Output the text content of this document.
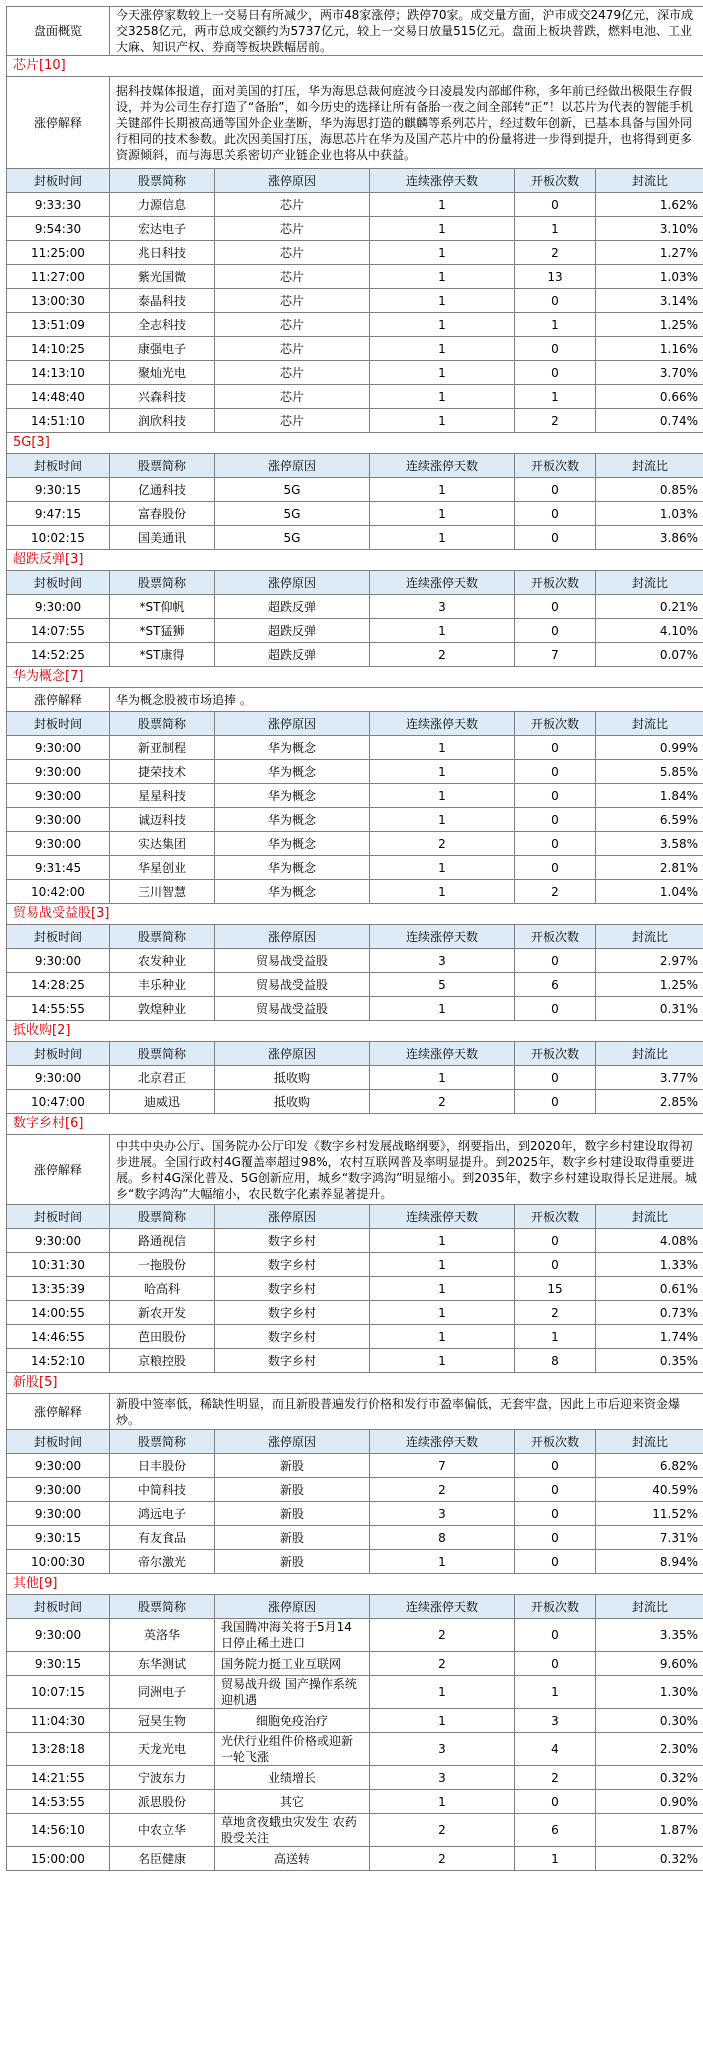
盘面概览	今天涨停家数较上一交易日有所减少，两市48家涨停；跌停70家。成交量方面，沪市成交2479亿元，深市成交3258亿元，两市总成交额约为5737亿元，较上一交易日放量515亿元。盘面上板块普跌，燃料电池、工业大麻、知识产权、券商等板块跌幅居前。				
芯片[10]					
涨停解释	据科技媒体报道，面对美国的打压，华为海思总裁何庭波今日凌晨发内部邮件称，多年前已经做出极限生存假设，并为公司生存打造了“备胎”，如今历史的选择让所有备胎一夜之间全部转“正”！以芯片为代表的智能手机关键部件长期被高通等国外企业垄断，华为海思打造的麒麟等系列芯片，经过数年创新，已基本具备与国外同行相同的技术参数。此次因美国打压，海思芯片在华为及国产芯片中的份量将进一步得到提升，也将得到更多资源倾斜，而与海思关系密切产业链企业也将从中获益。				
封板时间	股票简称	涨停原因	连续涨停天数	开板次数	封流比
9:33:30	力源信息	芯片	1	0	1.62%
9:54:30	宏达电子	芯片	1	1	3.10%
11:25:00	兆日科技	芯片	1	2	1.27%
11:27:00	紫光国微	芯片	1	13	1.03%
13:00:30	泰晶科技	芯片	1	0	3.14%
13:51:09	全志科技	芯片	1	1	1.25%
14:10:25	康强电子	芯片	1	0	1.16%
14:13:10	聚灿光电	芯片	1	0	3.70%
14:48:40	兴森科技	芯片	1	1	0.66%
14:51:10	润欣科技	芯片	1	2	0.74%
5G[3]					
封板时间	股票简称	涨停原因	连续涨停天数	开板次数	封流比
9:30:15	亿通科技	5G	1	0	0.85%
9:47:15	富春股份	5G	1	0	1.03%
10:02:15	国美通讯	5G	1	0	3.86%
超跌反弹[3]					
封板时间	股票简称	涨停原因	连续涨停天数	开板次数	封流比
9:30:00	*ST仰帆	超跌反弹	3	0	0.21%
14:07:55	*ST猛狮	超跌反弹	1	0	4.10%
14:52:25	*ST康得	超跌反弹	2	7	0.07%
华为概念[7]					
涨停解释	华为概念股被市场追捧 。				
封板时间	股票简称	涨停原因	连续涨停天数	开板次数	封流比
9:30:00	新亚制程	华为概念	1	0	0.99%
9:30:00	捷荣技术	华为概念	1	0	5.85%
9:30:00	星星科技	华为概念	1	0	1.84%
9:30:00	诚迈科技	华为概念	1	0	6.59%
9:30:00	实达集团	华为概念	2	0	3.58%
9:31:45	华星创业	华为概念	1	0	2.81%
10:42:00	三川智慧	华为概念	1	2	1.04%
贸易战受益股[3]					
封板时间	股票简称	涨停原因	连续涨停天数	开板次数	封流比
9:30:00	农发种业	贸易战受益股	3	0	2.97%
14:28:25	丰乐种业	贸易战受益股	5	6	1.25%
14:55:55	敦煌种业	贸易战受益股	1	0	0.31%
抵收购[2]					
封板时间	股票简称	涨停原因	连续涨停天数	开板次数	封流比
9:30:00	北京君正	抵收购	1	0	3.77%
10:47:00	迪威迅	抵收购	2	0	2.85%
数字乡村[6]					
涨停解释	中共中央办公厅、国务院办公厅印发《数字乡村发展战略纲要》，纲要指出，到2020年，数字乡村建设取得初步进展。全国行政村4G覆盖率超过98%，农村互联网普及率明显提升。到2025年，数字乡村建设取得重要进展。乡村4G深化普及、5G创新应用，城乡“数字鸿沟”明显缩小。到2035年，数字乡村建设取得长足进展。城乡“数字鸿沟”大幅缩小，农民数字化素养显著提升。				
封板时间	股票简称	涨停原因	连续涨停天数	开板次数	封流比
9:30:00	路通视信	数字乡村	1	0	4.08%
10:31:30	一拖股份	数字乡村	1	0	1.33%
13:35:39	哈高科	数字乡村	1	15	0.61%
14:00:55	新农开发	数字乡村	1	2	0.73%
14:46:55	芭田股份	数字乡村	1	1	1.74%
14:52:10	京粮控股	数字乡村	1	8	0.35%
新股[5]					
涨停解释	新股中签率低，稀缺性明显，而且新股普遍发行价格和发行市盈率偏低，无套牢盘，因此上市后迎来资金爆炒。				
封板时间	股票简称	涨停原因	连续涨停天数	开板次数	封流比
9:30:00	日丰股份	新股	7	0	6.82%
9:30:00	中简科技	新股	2	0	40.59%
9:30:00	鸿远电子	新股	3	0	11.52%
9:30:15	有友食品	新股	8	0	7.31%
10:00:30	帝尔激光	新股	1	0	8.94%
其他[9]					
封板时间	股票简称	涨停原因	连续涨停天数	开板次数	封流比
9:30:00	英洛华	我国腾冲海关将于5月14日停止稀土进口	2	0	3.35%
9:30:15	东华测试	国务院力挺工业互联网	2	0	9.60%
10:07:15	同洲电子	贸易战升级 国产操作系统迎机遇	1	1	1.30%
11:04:30	冠昊生物	细胞免疫治疗	1	3	0.30%
13:28:18	天龙光电	光伏行业组件价格或迎新一轮飞涨	3	4	2.30%
14:21:55	宁波东力	业绩增长	3	2	0.32%
14:53:55	派思股份	其它	1	0	0.90%
14:56:10	中农立华	草地贪夜蛾虫灾发生 农药股受关注	2	6	1.87%
15:00:00	名臣健康	高送转	2	1	0.32%
